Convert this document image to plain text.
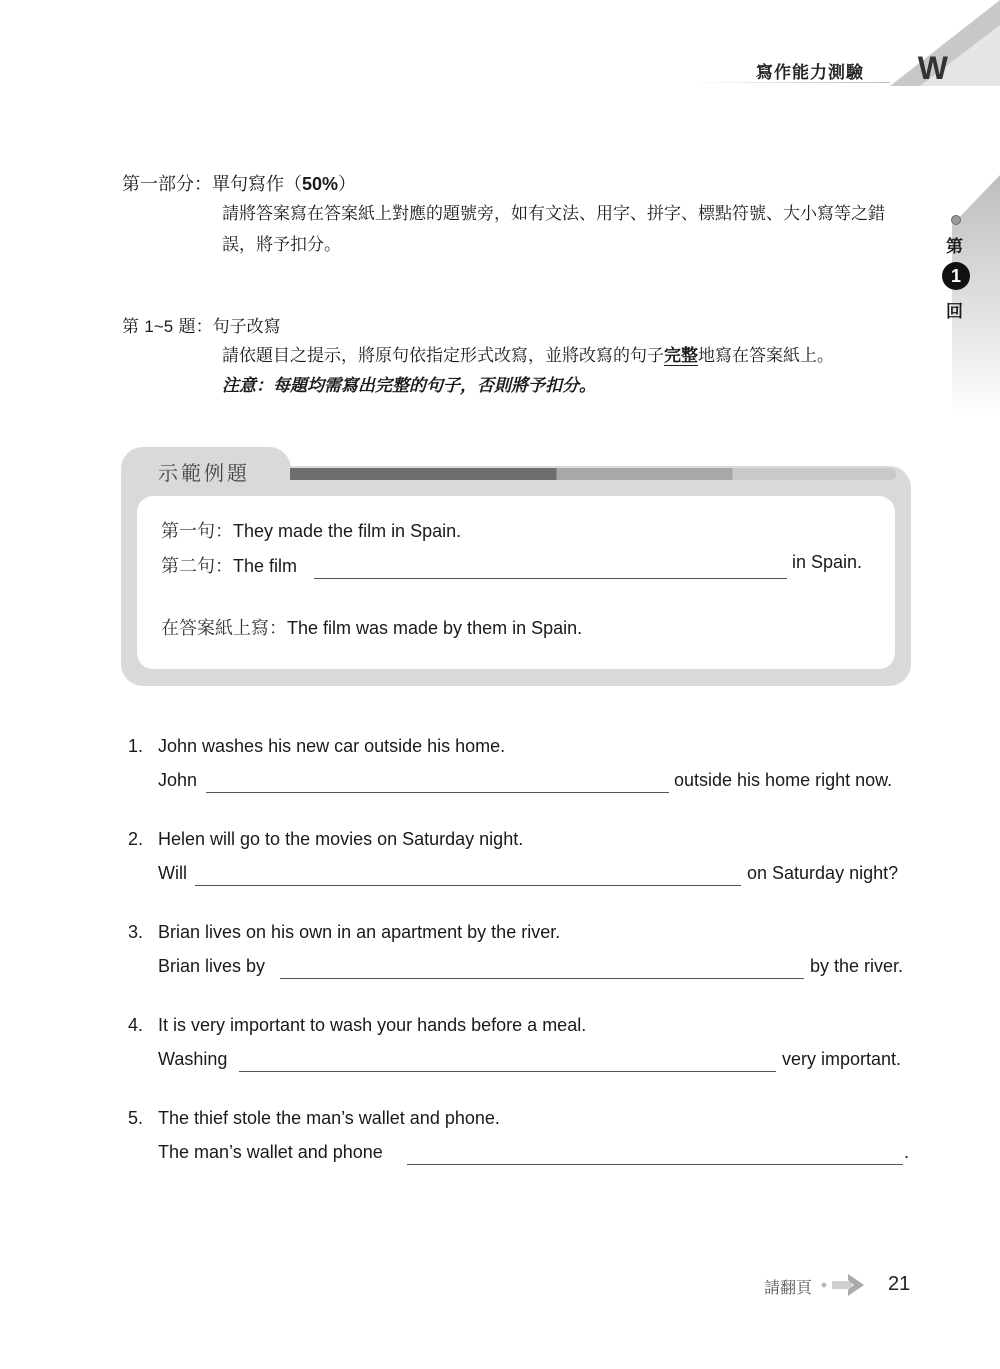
寫作能力測驗 W
第
1
回
第一部分：單句寫作（50%）
請將答案寫在答案紙上對應的題號旁，如有文法、用字、拼字、標點符號、大小寫等之錯誤，將予扣分。
第 1~5 題：句子改寫
請依題目之提示，將原句依指定形式改寫，並將改寫的句子完整地寫在答案紙上。
注意：每題均需寫出完整的句子，否則將予扣分。
示範例題
第一句：They made the film in Spain.
第二句：The film	in Spain.
在答案紙上寫：The film was made by them in Spain.
1. John washes his new car outside his home.
John	outside his home right now.
2. Helen will go to the movies on Saturday night.
Will	on Saturday night?
3. Brian lives on his own in an apartment by the river.
Brian lives by	by the river.
4. It is very important to wash your hands before a meal.
Washing	very important.
5. The thief stole the man’s wallet and phone.
The man’s wallet and phone	.
請翻頁	21
